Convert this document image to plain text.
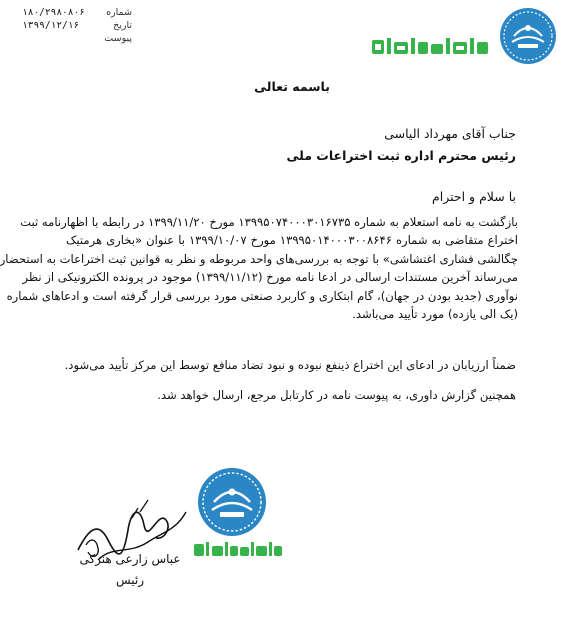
شماره
۱۸۰/۲۹۸۰۸۰۶
تاریخ
۱۳۹۹/۱۲/۱۶
پیوست
باسمه تعالی
جناب آقای مهرداد الیاسی
رئیس محترم اداره ثبت اختراعات ملی
با سلام و احترام
بازگشت به نامه استعلام به شماره ۱۳۹۹۵۰۷۴۰۰۰۳۰۱۶۷۳۵ مورخ ۱۳۹۹/۱۱/۲۰ در رابطه با اظهارنامه ثبت
اختراع متقاضی به شماره ۱۳۹۹۵۰۱۴۰۰۰۳۰۰۸۶۴۶ مورخ ۱۳۹۹/۱۰/۰۷ با عنوان «بخاری هرمتیک
چگالشی فشاری اغتشاشی» با توجه به بررسی‌های واحد مربوطه و نظر به قوانین ثبت اختراعات به استحضار
می‌رساند آخرین مستندات ارسالی در ادعا نامه مورخ (۱۳۹۹/۱۱/۱۲) موجود در پرونده الکترونیکی از نظر
نوآوری (جدید بودن در جهان)، گام ابتکاری و کاربرد صنعتی مورد بررسی قرار گرفته است و ادعاهای شماره
(یک الی یازده) مورد تأیید می‌باشد.
ضمناً ارزیابان در ادعای این اختراع ذینفع نبوده و نبود تضاد منافع توسط این مرکز تأیید می‌شود.
همچنین گزارش داوری، به پیوست نامه در کارتابل مرجع، ارسال خواهد شد.
عباس زارعی هنزکی
رئیس
